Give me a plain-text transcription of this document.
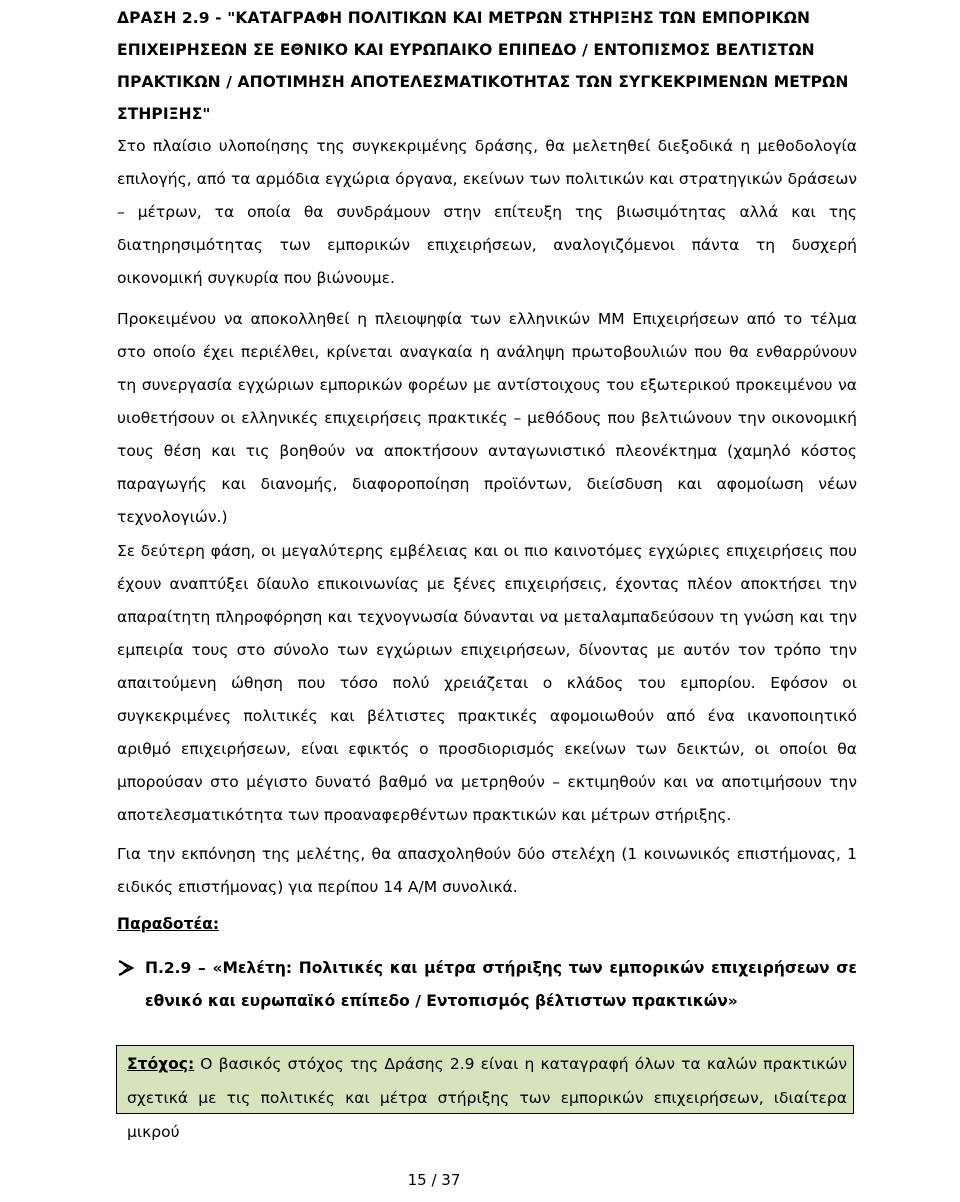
ΔΡΑΣΗ 2.9 - "ΚΑΤΑΓΡΑΦΗ ΠΟΛΙΤΙΚΩΝ ΚΑΙ ΜΕΤΡΩΝ ΣΤΗΡΙΞΗΣ ΤΩΝ ΕΜΠΟΡΙΚΩΝ ΕΠΙΧΕΙΡΗΣΕΩΝ ΣΕ ΕΘΝΙΚΟ ΚΑΙ ΕΥΡΩΠΑΙΚΟ ΕΠΙΠΕΔΟ / ΕΝΤΟΠΙΣΜΟΣ ΒΕΛΤΙΣΤΩΝ ΠΡΑΚΤΙΚΩΝ / ΑΠΟΤΙΜΗΣΗ ΑΠΟΤΕΛΕΣΜΑΤΙΚΟΤΗΤΑΣ ΤΩΝ ΣΥΓΚΕΚΡΙΜΕΝΩΝ ΜΕΤΡΩΝ ΣΤΗΡΙΞΗΣ"

Στο πλαίσιο υλοποίησης της συγκεκριμένης δράσης, θα μελετηθεί διεξοδικά η μεθοδολογία επιλογής, από τα αρμόδια εγχώρια όργανα, εκείνων των πολιτικών και στρατηγικών δράσεων – μέτρων, τα οποία θα συνδράμουν στην επίτευξη της βιωσιμότητας αλλά και της διατηρησιμότητας των εμπορικών επιχειρήσεων, αναλογιζόμενοι πάντα τη δυσχερή οικονομική συγκυρία που βιώνουμε.

Προκειμένου να αποκολληθεί η πλειοψηφία των ελληνικών ΜΜ Επιχειρήσεων από το τέλμα στο οποίο έχει περιέλθει, κρίνεται αναγκαία η ανάληψη πρωτοβουλιών που θα ενθαρρύνουν τη συνεργασία εγχώριων εμπορικών φορέων με αντίστοιχους του εξωτερικού προκειμένου να υιοθετήσουν οι ελληνικές επιχειρήσεις πρακτικές – μεθόδους που βελτιώνουν την οικονομική τους θέση και τις βοηθούν να αποκτήσουν ανταγωνιστικό πλεονέκτημα (χαμηλό κόστος παραγωγής και διανομής, διαφοροποίηση προϊόντων, διείσδυση και αφομοίωση νέων τεχνολογιών.)

Σε δεύτερη φάση, οι μεγαλύτερης εμβέλειας και οι πιο καινοτόμες εγχώριες επιχειρήσεις που έχουν αναπτύξει δίαυλο επικοινωνίας με ξένες επιχειρήσεις, έχοντας πλέον αποκτήσει την απαραίτητη πληροφόρηση και τεχνογνωσία δύνανται να μεταλαμπαδεύσουν τη γνώση και την εμπειρία τους στο σύνολο των εγχώριων επιχειρήσεων, δίνοντας με αυτόν τον τρόπο την απαιτούμενη ώθηση που τόσο πολύ χρειάζεται ο κλάδος του εμπορίου. Εφόσον οι συγκεκριμένες πολιτικές και βέλτιστες πρακτικές αφομοιωθούν από ένα ικανοποιητικό αριθμό επιχειρήσεων, είναι εφικτός ο προσδιορισμός εκείνων των δεικτών, οι οποίοι θα μπορούσαν στο μέγιστο δυνατό βαθμό να μετρηθούν – εκτιμηθούν και να αποτιμήσουν την αποτελεσματικότητα των προαναφερθέντων πρακτικών και μέτρων στήριξης.

Για την εκπόνηση της μελέτης, θα απασχοληθούν δύο στελέχη (1 κοινωνικός επιστήμονας, 1 ειδικός επιστήμονας) για περίπου 14 Α/Μ συνολικά.

Παραδοτέα:
Π.2.9 – «Μελέτη: Πολιτικές και μέτρα στήριξης των εμπορικών επιχειρήσεων σε εθνικό και ευρωπαϊκό επίπεδο / Εντοπισμός βέλτιστων πρακτικών»
Στόχος: Ο βασικός στόχος της Δράσης 2.9 είναι η καταγραφή όλων τα καλών πρακτικών σχετικά με τις πολιτικές και μέτρα στήριξης των εμπορικών επιχειρήσεων, ιδιαίτερα μικρού
15 / 37
